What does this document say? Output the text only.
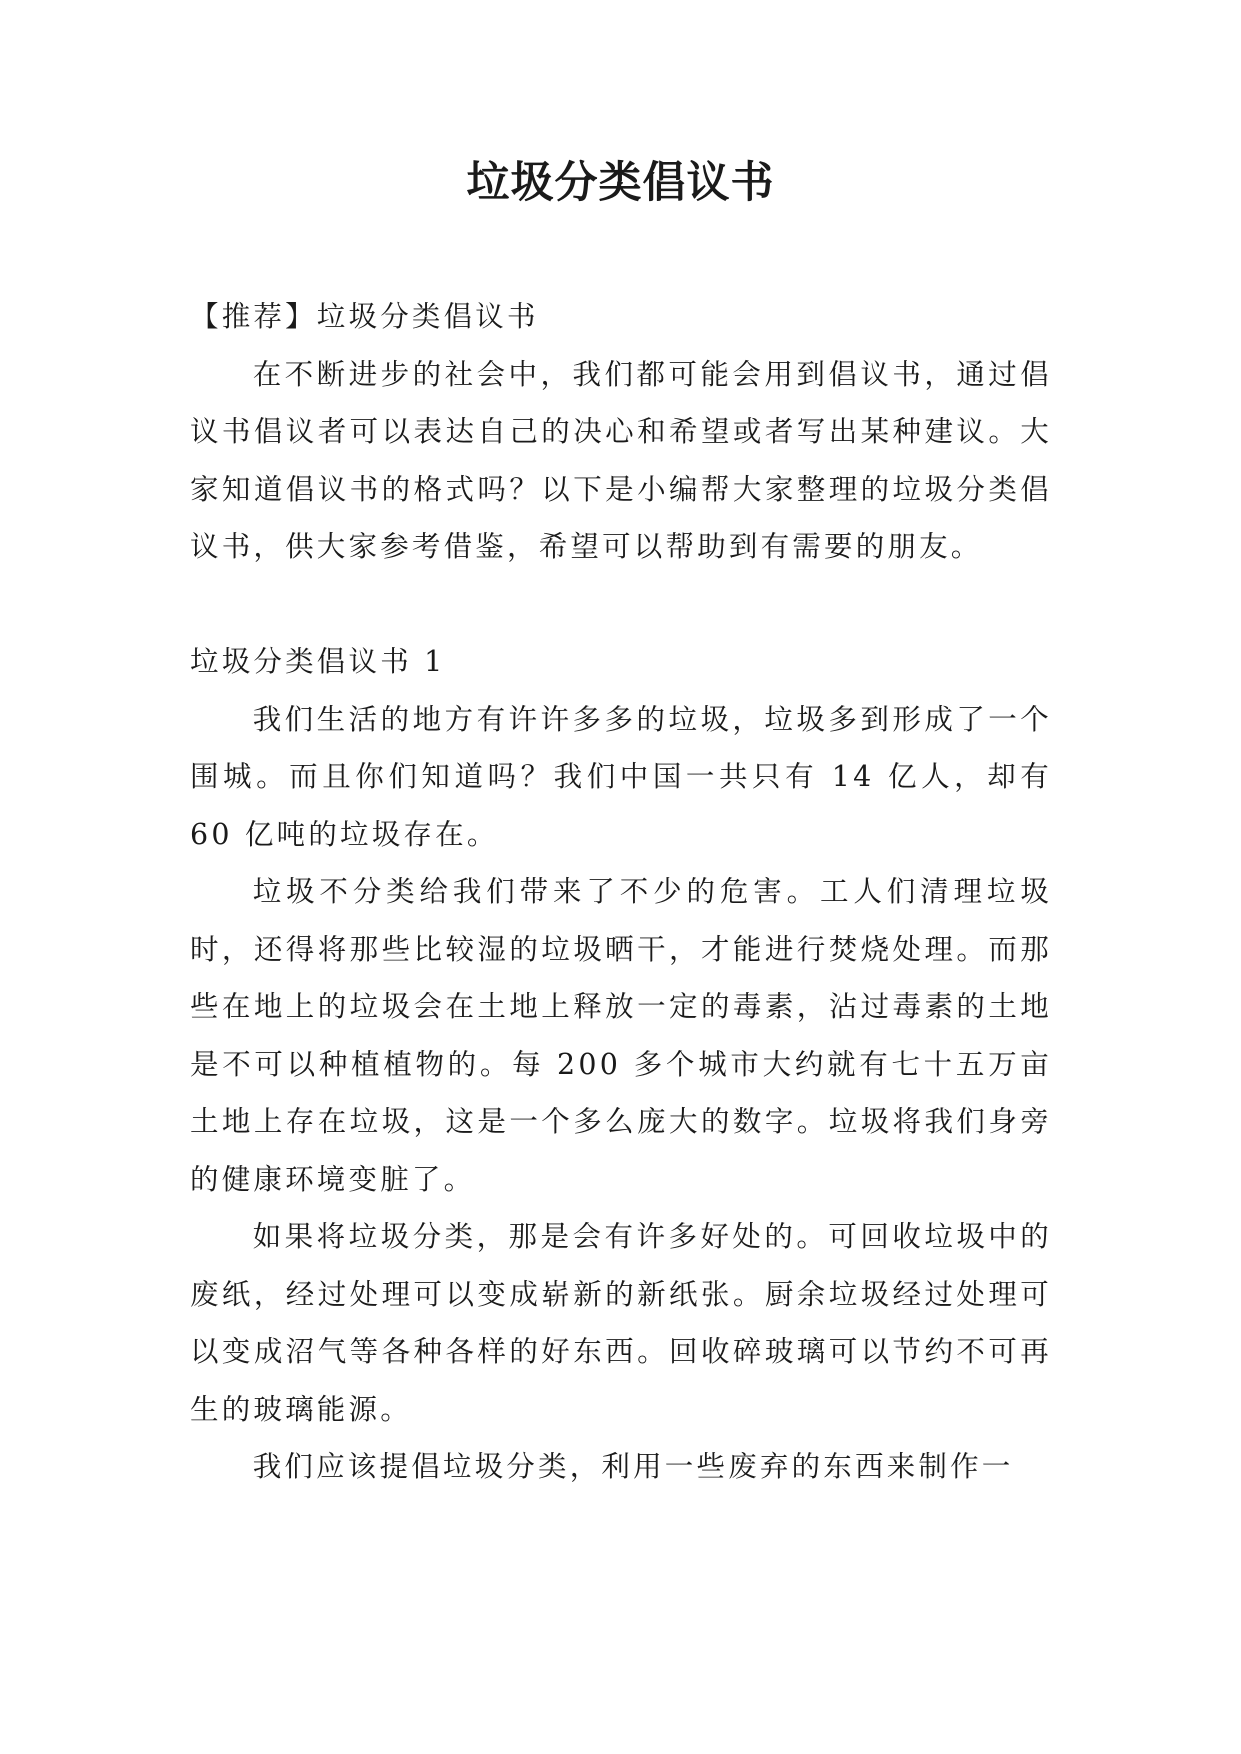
垃圾分类倡议书

【推荐】垃圾分类倡议书

在不断进步的社会中，我们都可能会用到倡议书，通过倡议书倡议者可以表达自己的决心和希望或者写出某种建议。大家知道倡议书的格式吗？以下是小编帮大家整理的垃圾分类倡议书，供大家参考借鉴，希望可以帮助到有需要的朋友。

垃圾分类倡议书 1

我们生活的地方有许许多多的垃圾，垃圾多到形成了一个围城。而且你们知道吗？我们中国一共只有 14 亿人，却有 60 亿吨的垃圾存在。

垃圾不分类给我们带来了不少的危害。工人们清理垃圾时，还得将那些比较湿的垃圾晒干，才能进行焚烧处理。而那些在地上的垃圾会在土地上释放一定的毒素，沾过毒素的土地是不可以种植植物的。每 200 多个城市大约就有七十五万亩土地上存在垃圾，这是一个多么庞大的数字。垃圾将我们身旁的健康环境变脏了。

如果将垃圾分类，那是会有许多好处的。可回收垃圾中的废纸，经过处理可以变成崭新的新纸张。厨余垃圾经过处理可以变成沼气等各种各样的好东西。回收碎玻璃可以节约不可再生的玻璃能源。

我们应该提倡垃圾分类，利用一些废弃的东西来制作一
